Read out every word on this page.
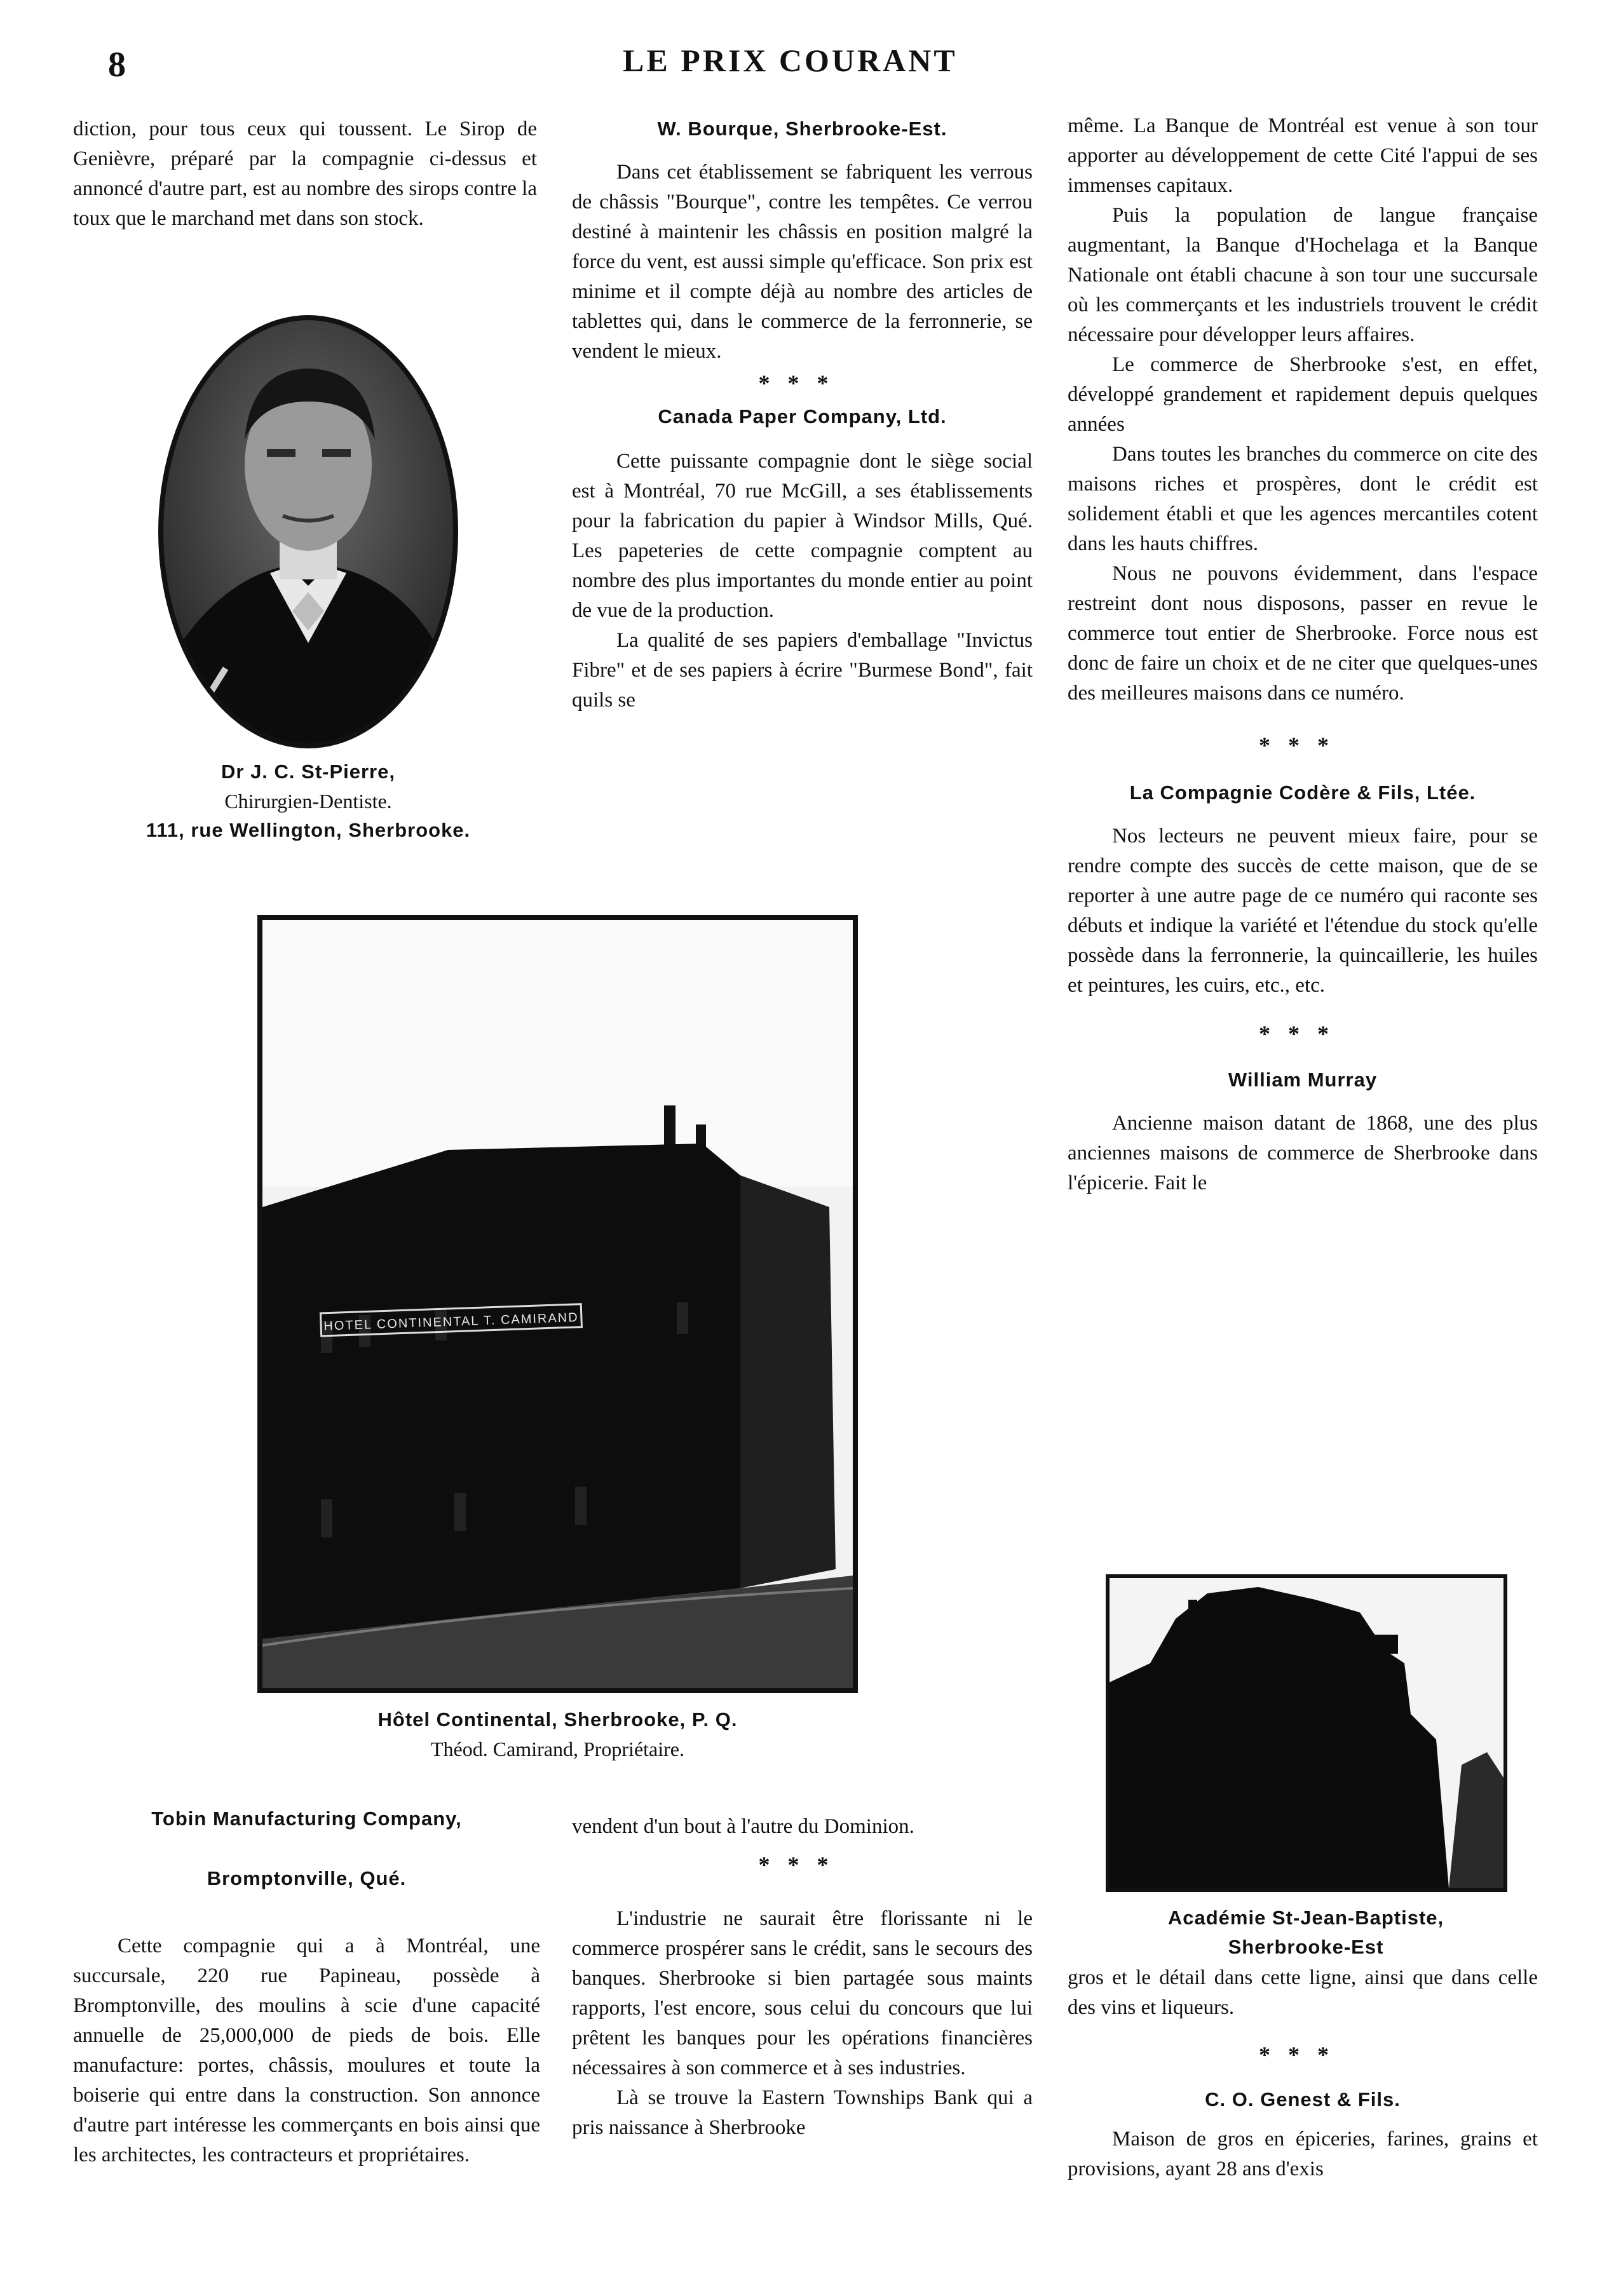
8	LE PRIX COURANT

diction, pour tous ceux qui toussent. Le Sirop de Genièvre, préparé par la compagnie ci-dessus et annoncé d'autre part, est au nombre des sirops contre la toux que le marchand met dans son stock.

Dr J. C. St-Pierre,
Chirurgien-Dentiste.
111, rue Wellington, Sherbrooke.
W. Bourque, Sherbrooke-Est.

Dans cet établissement se fabriquent les verrous de châssis "Bourque", contre les tempêtes. Ce verrou destiné à maintenir les châssis en position malgré la force du vent, est aussi simple qu'efficace. Son prix est minime et il compte déjà au nombre des articles de tablettes qui, dans le commerce de la ferronnerie, se vendent le mieux.

***
Canada Paper Company, Ltd.

Cette puissante compagnie dont le siège social est à Montréal, 70 rue McGill, a ses établissements pour la fabrication du papier à Windsor Mills, Qué. Les papeteries de cette compagnie comptent au nombre des plus importantes du monde entier au point de vue de la production.

La qualité de ses papiers d'emballage "Invictus Fibre" et de ses papiers à écrire "Burmese Bond", fait quils se

même. La Banque de Montréal est venue à son tour apporter au développement de cette Cité l'appui de ses immenses capitaux.

Puis la population de langue française augmentant, la Banque d'Hochelaga et la Banque Nationale ont établi chacune à son tour une succursale où les commerçants et les industriels trouvent le crédit nécessaire pour développer leurs affaires.

Le commerce de Sherbrooke s'est, en effet, développé grandement et rapidement depuis quelques années

Dans toutes les branches du commerce on cite des maisons riches et prospères, dont le crédit est solidement établi et que les agences mercantiles cotent dans les hauts chiffres.

Nous ne pouvons évidemment, dans l'espace restreint dont nous disposons, passer en revue le commerce tout entier de Sherbrooke. Force nous est donc de faire un choix et de ne citer que quelques-unes des meilleures maisons dans ce numéro.

***
La Compagnie Codère & Fils, Ltée.

Nos lecteurs ne peuvent mieux faire, pour se rendre compte des succès de cette maison, que de se reporter à une autre page de ce numéro qui raconte ses débuts et indique la variété et l'étendue du stock qu'elle possède dans la ferronnerie, la quincaillerie, les huiles et peintures, les cuirs, etc., etc.

***
William Murray

Ancienne maison datant de 1868, une des plus anciennes maisons de commerce de Sherbrooke dans l'épicerie. Fait le

Académie St-Jean-Baptiste,
Sherbrooke-Est

gros et le détail dans cette ligne, ainsi que dans celle des vins et liqueurs.

***
C. O. Genest & Fils.

Maison de gros en épiceries, farines, grains et provisions, ayant 28 ans d'exis

HOTEL CONTINENTAL T. CAMIRAND
Hôtel Continental, Sherbrooke, P. Q.
Théod. Camirand, Propriétaire.
Tobin Manufacturing Company,
Bromptonville, Qué.

Cette compagnie qui a à Montréal, une succursale, 220 rue Papineau, possède à Bromptonville, des moulins à scie d'une capacité annuelle de 25,000,000 de pieds de bois. Elle manufacture: portes, châssis, moulures et toute la boiserie qui entre dans la construction. Son annonce d'autre part intéresse les commerçants en bois ainsi que les architectes, les contracteurs et propriétaires.

vendent d'un bout à l'autre du Dominion.

***

L'industrie ne saurait être florissante ni le commerce prospérer sans le crédit, sans le secours des banques. Sherbrooke si bien partagée sous maints rapports, l'est encore, sous celui du concours que lui prêtent les banques pour les opérations financières nécessaires à son commerce et à ses industries.

Là se trouve la Eastern Townships Bank qui a pris naissance à Sherbrooke
